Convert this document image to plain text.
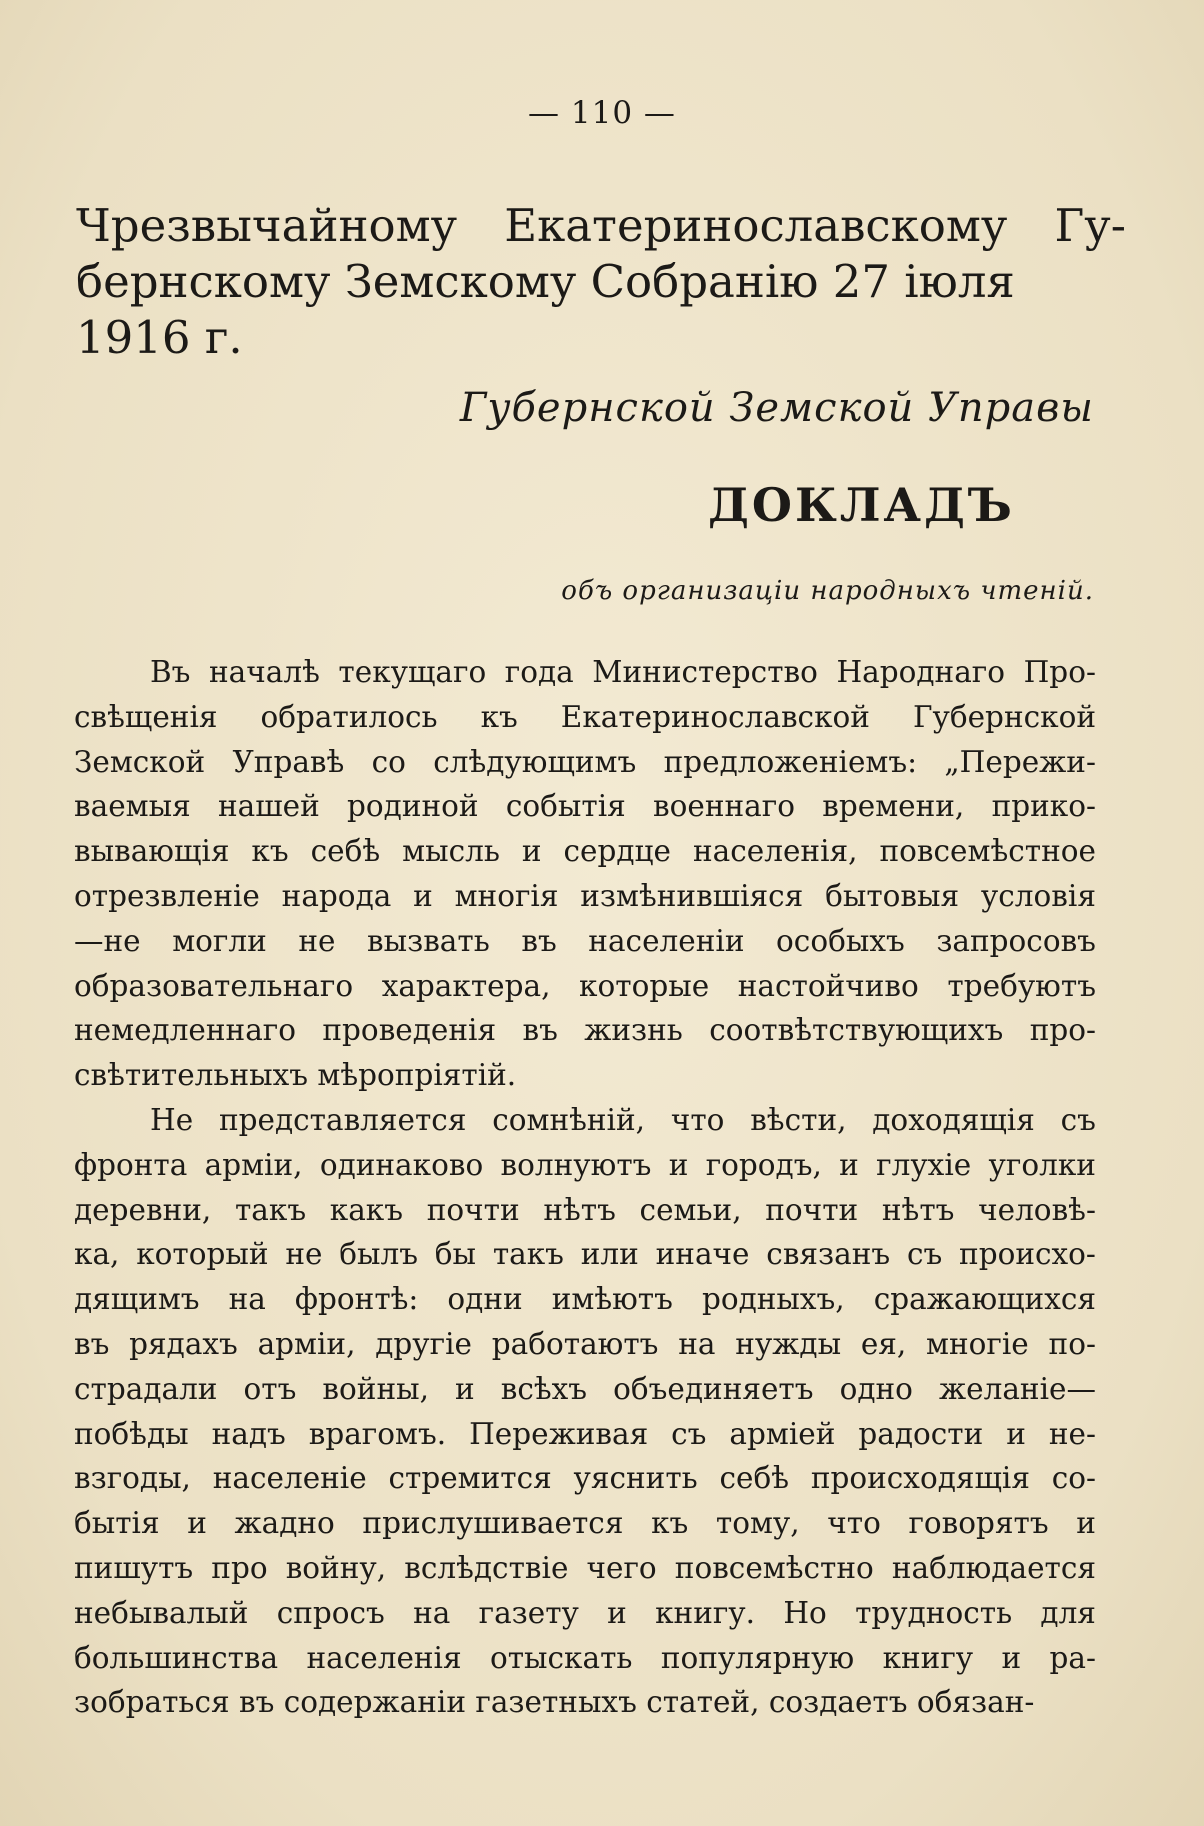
— 110 —
Чрезвычайному Екатеринославскому Гу-
бернскому Земскому Собранію 27 іюля 1916 г.
Губернской Земской Управы
ДОКЛАДЪ
объ организаціи народныхъ чтеній.
Въ началѣ текущаго года Министерство Народнаго Про-
свѣщенія обратилось къ Екатеринославской Губернской
Земской Управѣ со слѣдующимъ предложеніемъ: „Пережи-
ваемыя нашей родиной событія военнаго времени, прико-
вывающія къ себѣ мысль и сердце населенія, повсемѣстное
отрезвленіе народа и многія измѣнившіяся бытовыя условія
—не могли не вызвать въ населеніи особыхъ запросовъ
образовательнаго характера, которые настойчиво требуютъ
немедленнаго проведенія въ жизнь соотвѣтствующихъ про-
свѣтительныхъ мѣропріятій.
Не представляется сомнѣній, что вѣсти, доходящія съ
фронта арміи, одинаково волнуютъ и городъ, и глухіе уголки
деревни, такъ какъ почти нѣтъ семьи, почти нѣтъ человѣ-
ка, который не былъ бы такъ или иначе связанъ съ происхо-
дящимъ на фронтѣ: одни имѣютъ родныхъ, сражающихся
въ рядахъ арміи, другіе работаютъ на нужды ея, многіе по-
страдали отъ войны, и всѣхъ объединяетъ одно желаніе—
побѣды надъ врагомъ. Переживая съ арміей радости и не-
взгоды, населеніе стремится уяснить себѣ происходящія со-
бытія и жадно прислушивается къ тому, что говорятъ и
пишутъ про войну, вслѣдствіе чего повсемѣстно наблюдается
небывалый спросъ на газету и книгу. Но трудность для
большинства населенія отыскать популярную книгу и ра-
зобраться въ содержаніи газетныхъ статей, создаетъ обязан-
